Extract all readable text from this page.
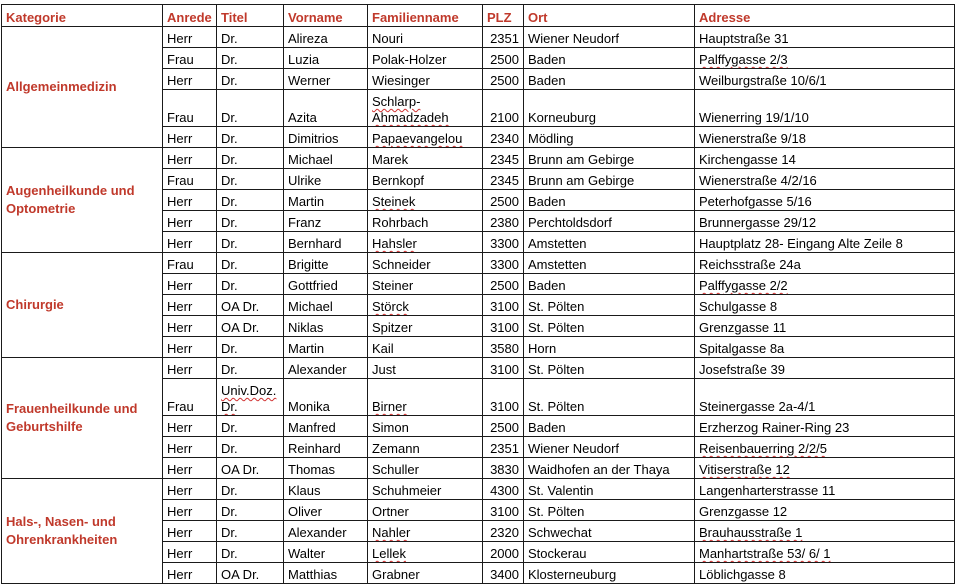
Kategorie	Anrede	Titel	Vorname	Familienname	PLZ	Ort	Adresse
Allgemeinmedizin	Herr	Dr.	Alireza	Nouri	2351	Wiener Neudorf	Hauptstraße 31
	Frau	Dr.	Luzia	Polak-Holzer	2500	Baden	Palffygasse 2/3
	Herr	Dr.	Werner	Wiesinger	2500	Baden	Weilburgstraße 10/6/1
	Frau	Dr.	Azita	Schlarp-Ahmadzadeh	2100	Korneuburg	Wienerring 19/1/10
	Herr	Dr.	Dimitrios	Papaevangelou	2340	Mödling	Wienerstraße 9/18
Augenheilkunde und Optometrie	Herr	Dr.	Michael	Marek	2345	Brunn am Gebirge	Kirchengasse 14
	Frau	Dr.	Ulrike	Bernkopf	2345	Brunn am Gebirge	Wienerstraße 4/2/16
	Herr	Dr.	Martin	Steinek	2500	Baden	Peterhofgasse 5/16
	Herr	Dr.	Franz	Rohrbach	2380	Perchtoldsdorf	Brunnergasse 29/12
	Herr	Dr.	Bernhard	Hahsler	3300	Amstetten	Hauptplatz 28- Eingang Alte Zeile 8
Chirurgie	Frau	Dr.	Brigitte	Schneider	3300	Amstetten	Reichsstraße 24a
	Herr	Dr.	Gottfried	Steiner	2500	Baden	Palffygasse 2/2
	Herr	OA Dr.	Michael	Störck	3100	St. Pölten	Schulgasse 8
	Herr	OA Dr.	Niklas	Spitzer	3100	St. Pölten	Grenzgasse 11
	Herr	Dr.	Martin	Kail	3580	Horn	Spitalgasse 8a
Frauenheilkunde und Geburtshilfe	Herr	Dr.	Alexander	Just	3100	St. Pölten	Josefstraße 39
	Frau	Univ.Doz. Dr.	Monika	Birner	3100	St. Pölten	Steinergasse 2a-4/1
	Herr	Dr.	Manfred	Simon	2500	Baden	Erzherzog Rainer-Ring 23
	Herr	Dr.	Reinhard	Zemann	2351	Wiener Neudorf	Reisenbauerring 2/2/5
	Herr	OA Dr.	Thomas	Schuller	3830	Waidhofen an der Thaya	Vitiserstraße 12
Hals-, Nasen- und Ohrenkrankheiten	Herr	Dr.	Klaus	Schuhmeier	4300	St. Valentin	Langenharterstrasse 11
	Herr	Dr.	Oliver	Ortner	3100	St. Pölten	Grenzgasse 12
	Herr	Dr.	Alexander	Nahler	2320	Schwechat	Brauhausstraße 1
	Herr	Dr.	Walter	Lellek	2000	Stockerau	Manhartstraße 53/ 6/ 1
	Herr	OA Dr.	Matthias	Grabner	3400	Klosterneuburg	Löblichgasse 8
